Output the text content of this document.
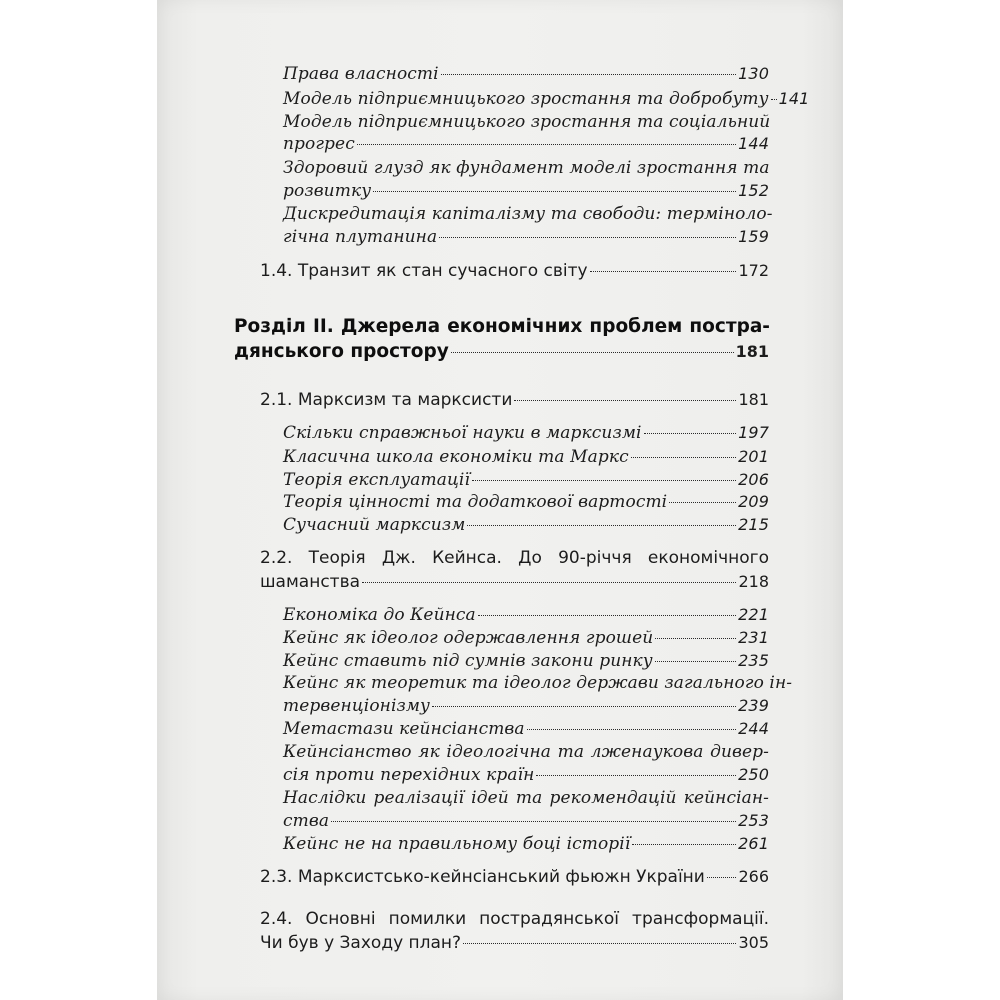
Права власності	130
Модель підприємницького зростання та добробуту 141
Модель підприємницького зростання та соціальний
прогрес	144
Здоровий глузд як фундамент моделі зростання та
розвитку	152
Дискредитація капіталізму та свободи: терміноло-
гічна плутанина	159
1.4. Транзит як стан сучасного світу	172
Розділ ІІ. Джерела економічних проблем пострa-
дянського простору	181
2.1. Марксизм та марксисти	181
Скільки справжньої науки в марксизмі	197
Класична школа економіки та Маркс	201
Теорія експлуатації	206
Теорія цінності та додаткової вартості	209
Сучасний марксизм	215
2.2. Теорія Дж. Кейнса. До 90-річчя економічного
шаманства	218
Економіка до Кейнса	221
Кейнс як ідеолог одержавлення грошей	231
Кейнс ставить під сумнів закони ринку	235
Кейнс як теоретик та ідеолог держави загального ін-
тервенціонізму	239
Метастази кейнсіанства	244
Кейнсіанство як ідеологічна та лженаукова дивер-
сія проти перехідних країн	250
Наслідки реалізації ідей та рекомендацій кейнсіан-
ства	253
Кейнс не на правильному боці історії	261
2.3. Марксистсько-кейнсіанський фьюжн України 266
2.4. Основні помилки пострадянської трансформації.
Чи був у Заходу план?	305
